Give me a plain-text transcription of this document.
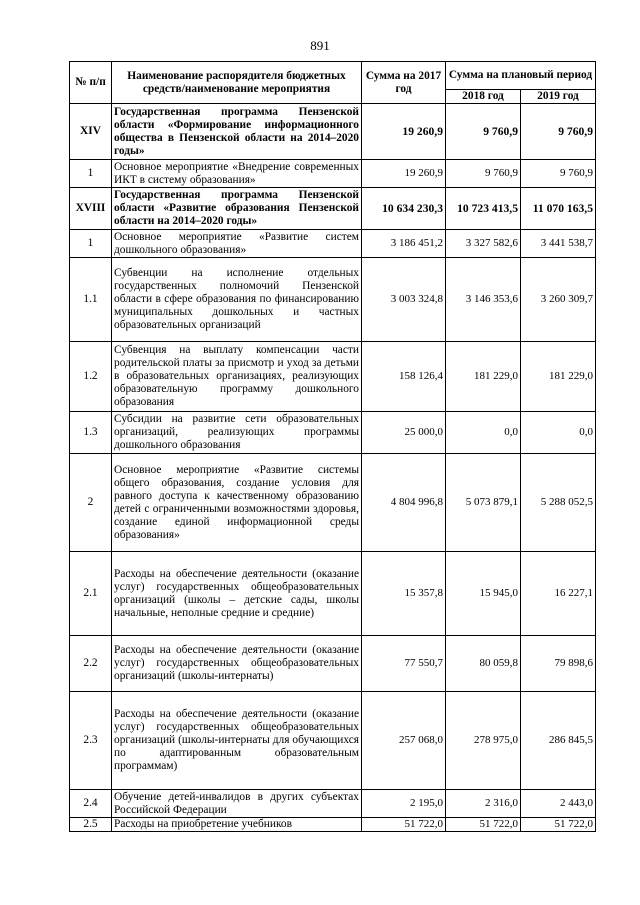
891
№ п/п	Наименование распорядителя бюджетных средств/наименование мероприятия	Сумма на 2017 год	Сумма на плановый период	
			2018 год	2019 год
XIV	Государственная программа Пензенской области «Формирование информационного общества в Пензенской области на 2014–2020 годы»	19 260,9	9 760,9	9 760,9
1	Основное мероприятие «Внедрение современных ИКТ в систему образования»	19 260,9	9 760,9	9 760,9
XVIII	Государственная программа Пензенской области «Развитие образования Пензенской области на 2014–2020 годы»	10 634 230,3	10 723 413,5	11 070 163,5
1	Основное мероприятие «Развитие систем дошкольного образования»	3 186 451,2	3 327 582,6	3 441 538,7
1.1	Субвенции на исполнение отдельных государственных полномочий Пензенской области в сфере образования по финансированию муниципальных дошкольных и частных образовательных организаций	3 003 324,8	3 146 353,6	3 260 309,7
1.2	Субвенция на выплату компенсации части родительской платы за присмотр и уход за детьми в образовательных организациях, реализующих образовательную программу дошкольного образования	158 126,4	181 229,0	181 229,0
1.3	Субсидии на развитие сети образовательных организаций, реализующих программы дошкольного образования	25 000,0	0,0	0,0
2	Основное мероприятие «Развитие системы общего образования, создание условия для равного доступа к качественному образованию детей с ограниченными возможностями здоровья, создание единой информационной среды образования»	4 804 996,8	5 073 879,1	5 288 052,5
2.1	Расходы на обеспечение деятельности (оказание услуг) государственных общеобразовательных организаций (школы – детские сады, школы начальные, неполные средние и средние)	15 357,8	15 945,0	16 227,1
2.2	Расходы на обеспечение деятельности (оказание услуг) государственных общеобразовательных организаций (школы-интернаты)	77 550,7	80 059,8	79 898,6
2.3	Расходы на обеспечение деятельности (оказание услуг) государственных общеобразовательных организаций (школы-интернаты для обучающихся по адаптированным образовательным программам)	257 068,0	278 975,0	286 845,5
2.4	Обучение детей-инвалидов в других субъектах Российской Федерации	2 195,0	2 316,0	2 443,0
2.5	Расходы на приобретение учебников	51 722,0	51 722,0	51 722,0
